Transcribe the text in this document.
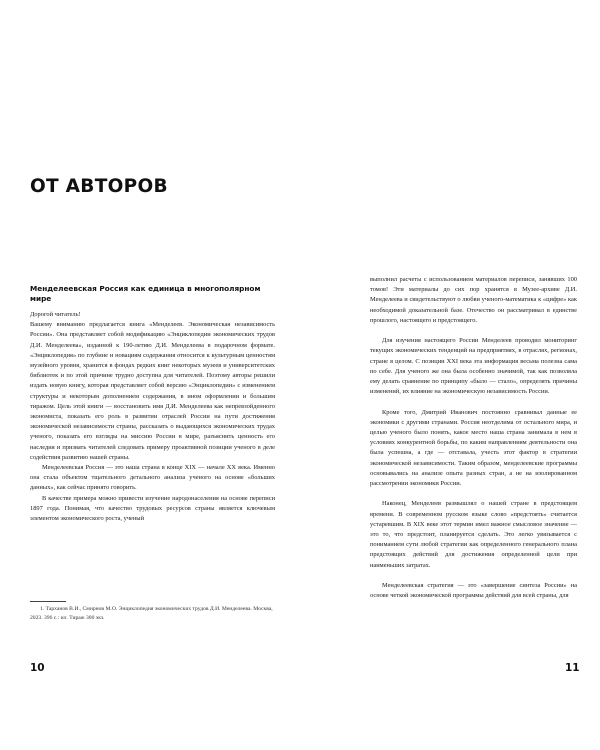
ОТ АВТОРОВ
Менделеевская Россия как единица в многополярном мире

Дорогой читатель!

Вашему вниманию предлагается книга «Менделеев. Экономическая независимость России». Она представляет собой модификацию «Энциклопедии экономических трудов Д.И. Менделеева», изданной к 190-летию Д.И. Менделеева в подарочном формате. «Энциклопедия» по глубине и новациям содержания относится к культурным ценностям музейного уровня, хранится в фондах редких книг некоторых музеев и университетских библиотек и по этой причине трудно доступна для читателей. Поэтому авторы решили издать новую книгу, которая представляет собой версию «Энциклопедии» с изменением структуры и некоторым дополнением содержания, в ином оформлении и большим тиражом. Цель этой книги — восстановить имя Д.И. Менделеева как непревзойденного экономиста, показать его роль в развитии отраслей России на пути достижения экономической независимости страны, рассказать о выдающихся экономических трудах ученого, показать его взгляды на миссию России в мире, разъяснить ценность его наследия и призвать читателей следовать примеру проактивной позиции ученого в деле содействия развитию нашей страны.

Менделеевская Россия — это наша страна в конце XIX — начале XX века. Именно она стала объектом тщательного детального анализа ученого на основе «больших данных», как сейчас принято говорить.

В качестве примера можно привести изучение народонаселения на основе переписи 1897 года. Понимая, что качество трудовых ресурсов страны является ключевым элементом экономического роста, ученый

1. Тарханов В.И., Смирнов М.О. Энциклопедия экономических трудов Д.И. Менделеева. Москва, 2023. 396 с.: ил. Тираж 300 экз.

10

выполнил расчеты с использованием материалов переписи, занявших 100 томов! Эти материалы до сих пор хранятся в Музее-архиве Д.И. Менделеева и свидетельствуют о любви ученого-математика к «цифре» как необходимой доказательной базе. Отечество он рассматривал в единстве прошлого, настоящего и предстоящего.

Для изучения настоящего России Менделеев проводил мониторинг текущих экономических тенденций на предприятиях, в отраслях, регионах, стране в целом. С позиции XXI века эта информация весьма полезна сама по себе. Для ученого же она была особенно значимой, так как позволяла ему делать сравнение по принципу «было — стало», определять причины изменений, их влияние на экономическую независимость России.

Кроме того, Дмитрий Иванович постоянно сравнивал данные ее экономики с другими странами. Россия неотделима от остального мира, и целью ученого было понять, какое место наша страна занимала в нем в условиях конкурентной борьбы, по каким направлениям деятельности она была успешна, а где — отставала, учесть этот фактор в стратегии экономической независимости. Таким образом, менделеевские программы основывались на анализе опыта разных стран, а не на изолированном рассмотрении экономики России.

Наконец, Менделеев размышлял о нашей стране в предстоящем времени. В современном русском языке слово «предстоять» считается устаревшим. В XIX веке этот термин имел важное смысловое значение — это то, что предстоит, планируется сделать. Это легко увязывается с пониманием сути любой стратегии как определенного генерального плана предстоящих действий для достижения определенной цели при наименьших затратах.

Менделеевская стратегия — это «завершение синтеза России» на основе четкой экономической программы действий для всей страны, для

11
